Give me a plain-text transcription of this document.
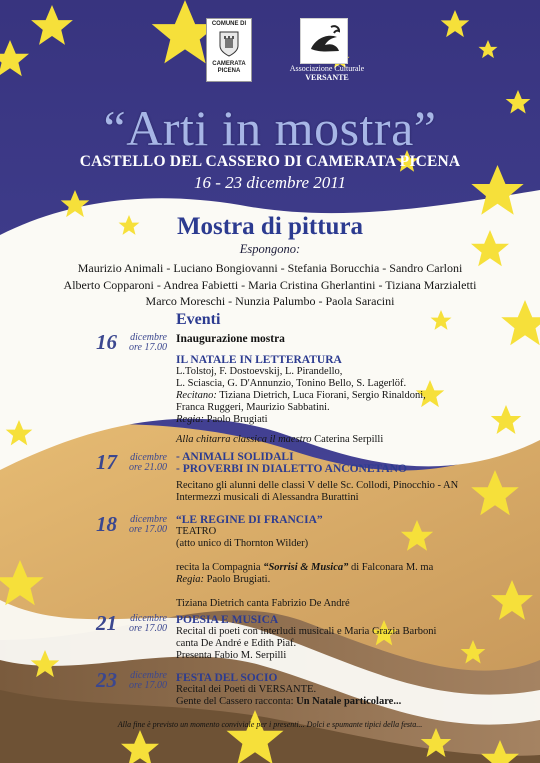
COMUNE DI
CAMERATA
PICENA	Associazione Culturale
VERSANTE
“Arti in mostra”
CASTELLO DEL CASSERO DI CAMERATA PICENA
16 - 23 dicembre 2011
Mostra di pittura
Espongono:
Maurizio Animali - Luciano Bongiovanni - Stefania Borucchia - Sandro Carloni
Alberto Copparoni - Andrea Fabietti - Maria Cristina Gherlantini - Tiziana Marzialetti
Marco Moreschi - Nunzia Palumbo - Paola Saracini
Eventi
16	dicembre
ore 17.00
Inaugurazione mostra
IL NATALE IN LETTERATURA
L.Tolstoj, F. Dostoevskij, L. Pirandello,
L. Sciascia, G. D'Annunzio, Tonino Bello, S. Lagerlöf.
Recitano: Tiziana Dietrich, Luca Fiorani, Sergio Rinaldoni,
Franca Ruggeri, Maurizio Sabbatini.
Regia: Paolo Brugiati
Alla chitarra classica il maestro Caterina Serpilli
17	dicembre
ore 21.00
- ANIMALI SOLIDALI
- PROVERBI IN DIALETTO ANCONETANO
Recitano gli alunni delle classi V delle Sc. Collodi, Pinocchio - AN
Intermezzi musicali di Alessandra Burattini
18	dicembre
ore 17.00
“LE REGINE DI FRANCIA”
TEATRO
(atto unico di Thornton Wilder)
recita la Compagnia “Sorrisi & Musica” di Falconara M. ma
Regia: Paolo Brugiati.
Tiziana Dietrich canta Fabrizio De André
21	dicembre
ore 17.00
POESIA E MUSICA
Recital di poeti con interludi musicali e Maria Grazia Barboni
canta De André e Edith Piaf.
Presenta Fabio M. Serpilli
23	dicembre
ore 17.00
FESTA DEL SOCIO
Recital dei Poeti di VERSANTE.
Gente del Cassero racconta: Un Natale particolare...
Alla fine è previsto un momento conviviale per i presenti... Dolci e spumante tipici della festa...
